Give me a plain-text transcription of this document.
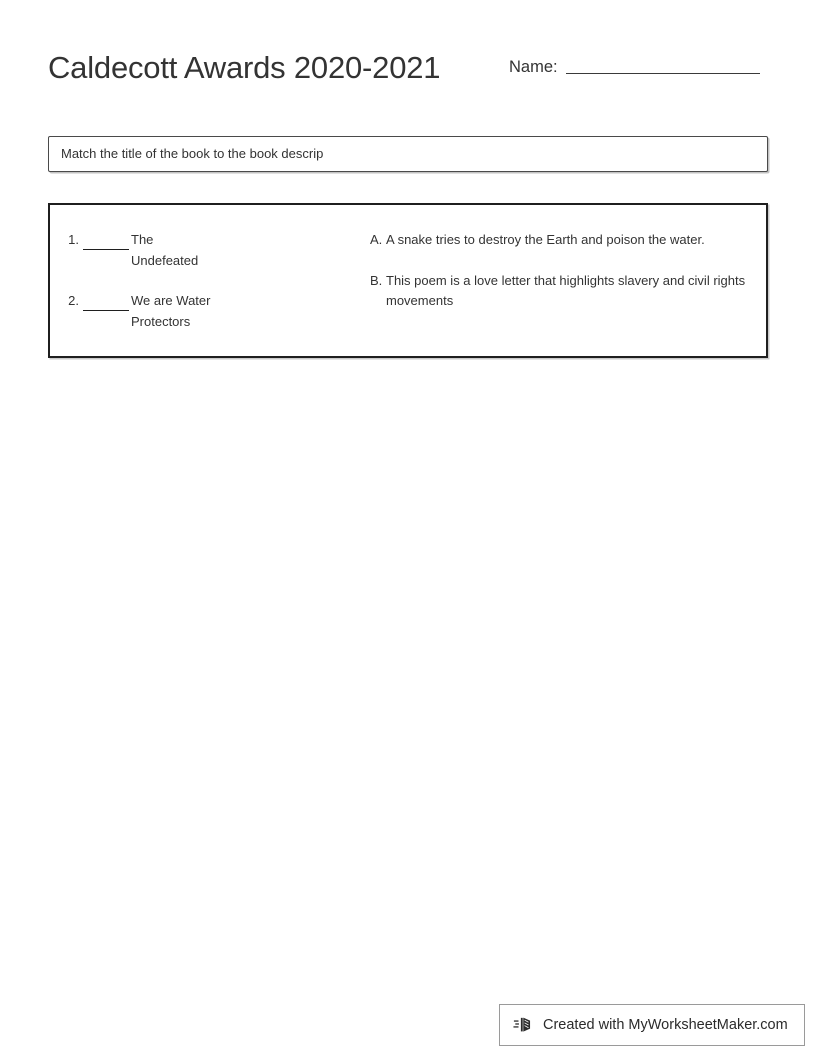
Caldecott Awards 2020-2021	Name:
Match the title of the book to the book descrip
1.	The Undefeated
2.	We are Water Protectors
A. A snake tries to destroy the Earth and poison the water.
B. This poem is a love letter that highlights slavery and civil rights movements
Created with MyWorksheetMaker.com
